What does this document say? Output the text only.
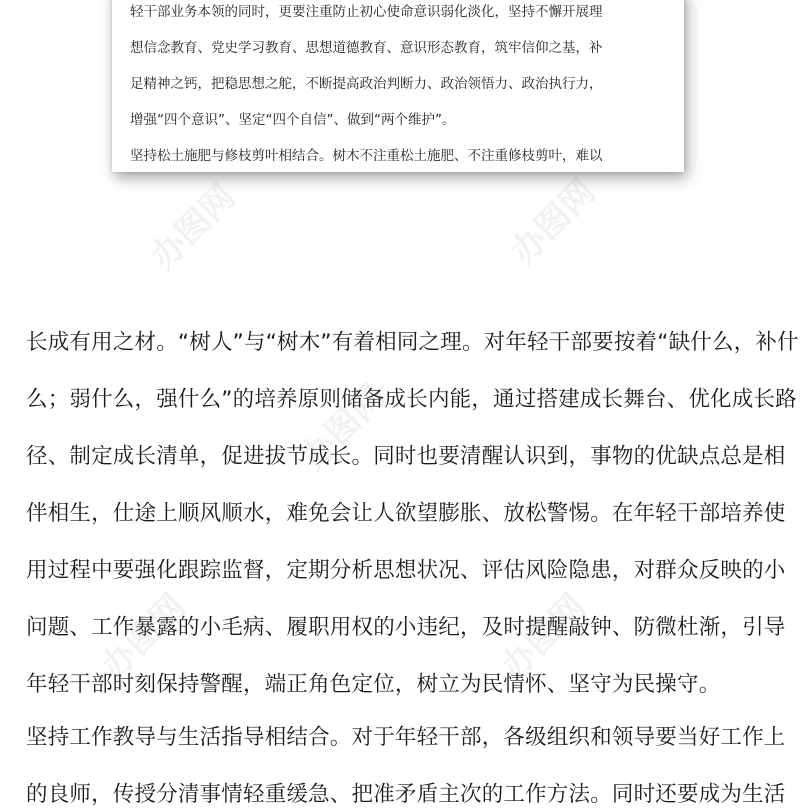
轻干部业务本领的同时，更要注重防止初心使命意识弱化淡化，坚持不懈开展理
想信念教育、党史学习教育、思想道德教育、意识形态教育，筑牢信仰之基，补
足精神之钙，把稳思想之舵，不断提高政治判断力、政治领悟力、政治执行力，
增强“四个意识”、坚定“四个自信”、做到“两个维护”。
坚持松土施肥与修枝剪叶相结合。树木不注重松土施肥、不注重修枝剪叶，难以
长成有用之材。“树人”与“树木”有着相同之理。对年轻干部要按着“缺什么，补什
么；弱什么，强什么”的培养原则储备成长内能，通过搭建成长舞台、优化成长路
径、制定成长清单，促进拔节成长。同时也要清醒认识到，事物的优缺点总是相
伴相生，仕途上顺风顺水，难免会让人欲望膨胀、放松警惕。在年轻干部培养使
用过程中要强化跟踪监督，定期分析思想状况、评估风险隐患，对群众反映的小
问题、工作暴露的小毛病、履职用权的小违纪，及时提醒敲钟、防微杜渐，引导
年轻干部时刻保持警醒，端正角色定位，树立为民情怀、坚守为民操守。
坚持工作教导与生活指导相结合。对于年轻干部，各级组织和领导要当好工作上
的良师，传授分清事情轻重缓急、把准矛盾主次的工作方法。同时还要成为生活
办图网	办图网
办图网
办图网	办图网
